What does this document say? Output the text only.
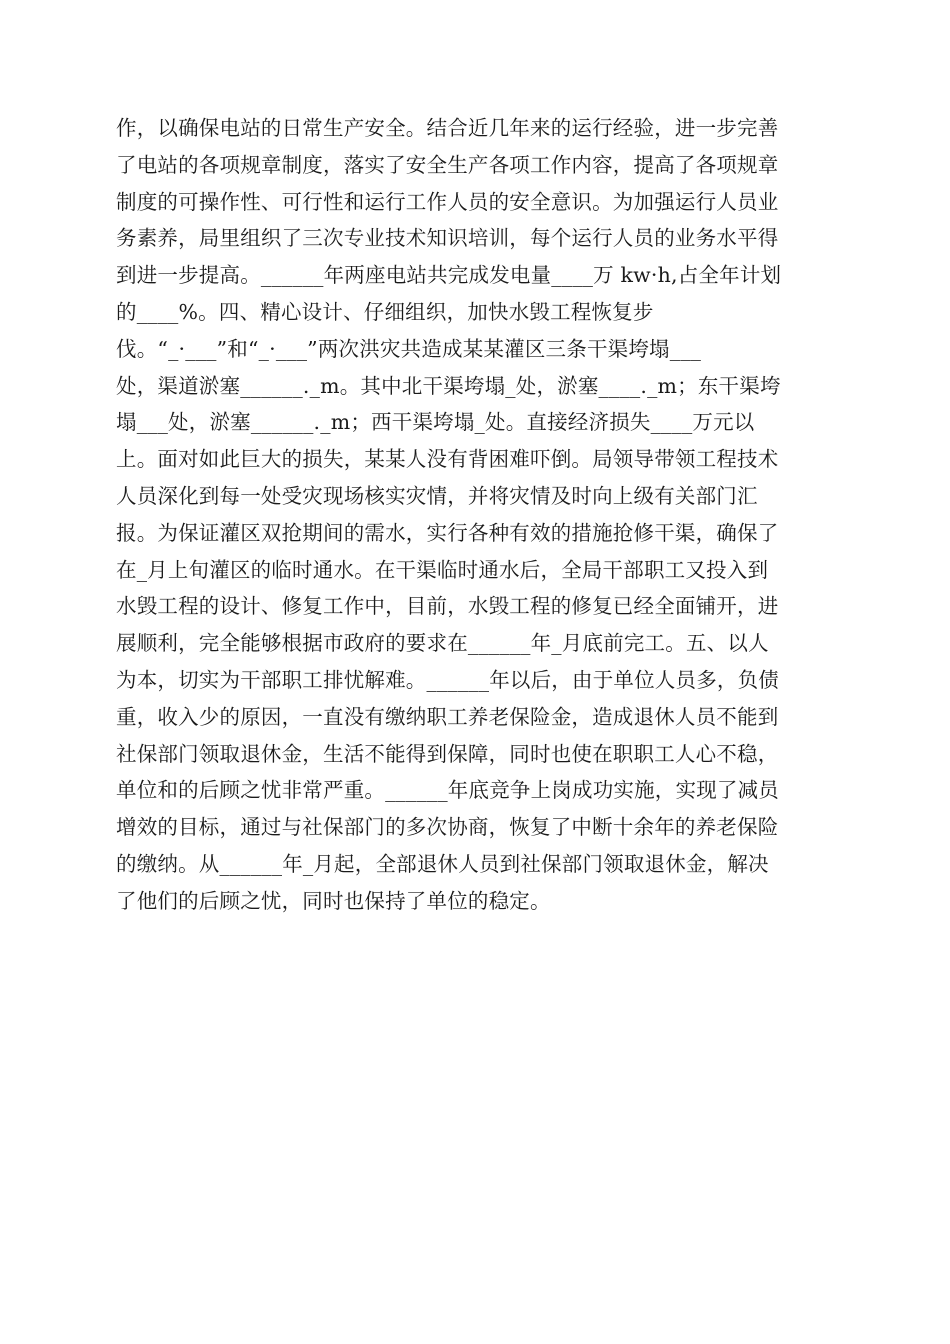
作，以确保电站的日常生产安全。结合近几年来的运行经验，进一步完善
了电站的各项规章制度，落实了安全生产各项工作内容，提高了各项规章
制度的可操作性、可行性和运行工作人员的安全意识。为加强运行人员业
务素养，局里组织了三次专业技术知识培训，每个运行人员的业务水平得
到进一步提高。______年两座电站共完成发电量____万 kw·h,占全年计划
的____%。四、精心设计、仔细组织，加快水毁工程恢复步
伐。“_·___”和“_·___”两次洪灾共造成某某灌区三条干渠垮塌___
处，渠道淤塞______._m。其中北干渠垮塌_处，淤塞____._m；东干渠垮
塌___处，淤塞______._m；西干渠垮塌_处。直接经济损失____万元以
上。面对如此巨大的损失，某某人没有背困难吓倒。局领导带领工程技术
人员深化到每一处受灾现场核实灾情，并将灾情及时向上级有关部门汇
报。为保证灌区双抢期间的需水，实行各种有效的措施抢修干渠，确保了
在_月上旬灌区的临时通水。在干渠临时通水后，全局干部职工又投入到
水毁工程的设计、修复工作中，目前，水毁工程的修复已经全面铺开，进
展顺利，完全能够根据市政府的要求在______年_月底前完工。五、以人
为本，切实为干部职工排忧解难。______年以后，由于单位人员多，负债
重，收入少的原因，一直没有缴纳职工养老保险金，造成退休人员不能到
社保部门领取退休金，生活不能得到保障，同时也使在职职工人心不稳，
单位和的后顾之忧非常严重。______年底竞争上岗成功实施，实现了减员
增效的目标，通过与社保部门的多次协商，恢复了中断十余年的养老保险
的缴纳。从______年_月起，全部退休人员到社保部门领取退休金，解决
了他们的后顾之忧，同时也保持了单位的稳定。
